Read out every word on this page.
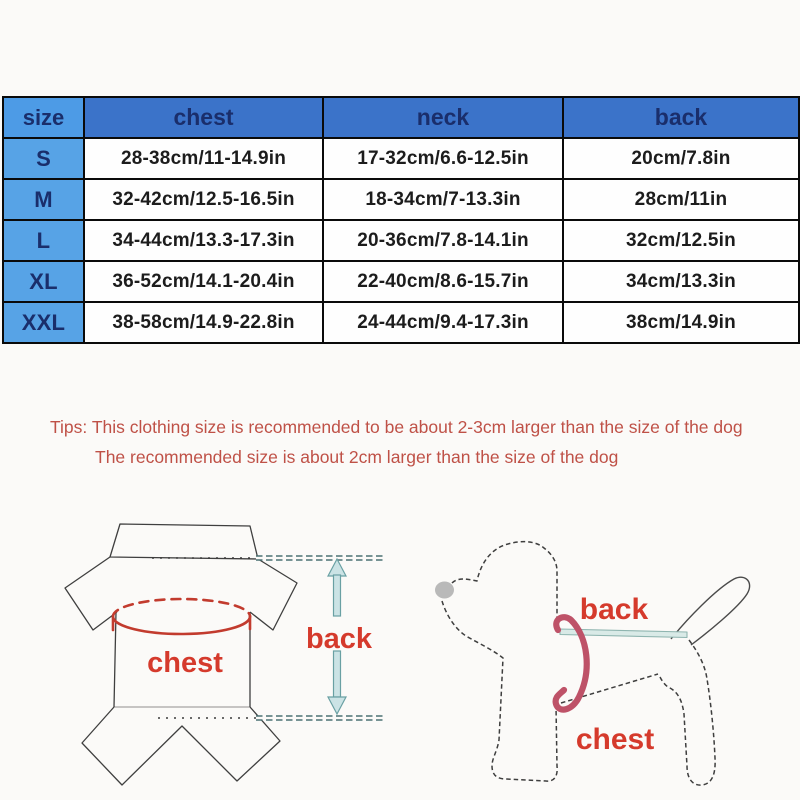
size	chest	neck	back
S	28-38cm/11-14.9in	17-32cm/6.6-12.5in	20cm/7.8in
M	32-42cm/12.5-16.5in	18-34cm/7-13.3in	28cm/11in
L	34-44cm/13.3-17.3in	20-36cm/7.8-14.1in	32cm/12.5in
XL	36-52cm/14.1-20.4in	22-40cm/8.6-15.7in	34cm/13.3in
XXL	38-58cm/14.9-22.8in	24-44cm/9.4-17.3in	38cm/14.9in
Tips: This clothing size is recommended to be about 2-3cm larger than the size of the dog
The recommended size is about 2cm larger than the size of the dog
chest
back
back
chest
